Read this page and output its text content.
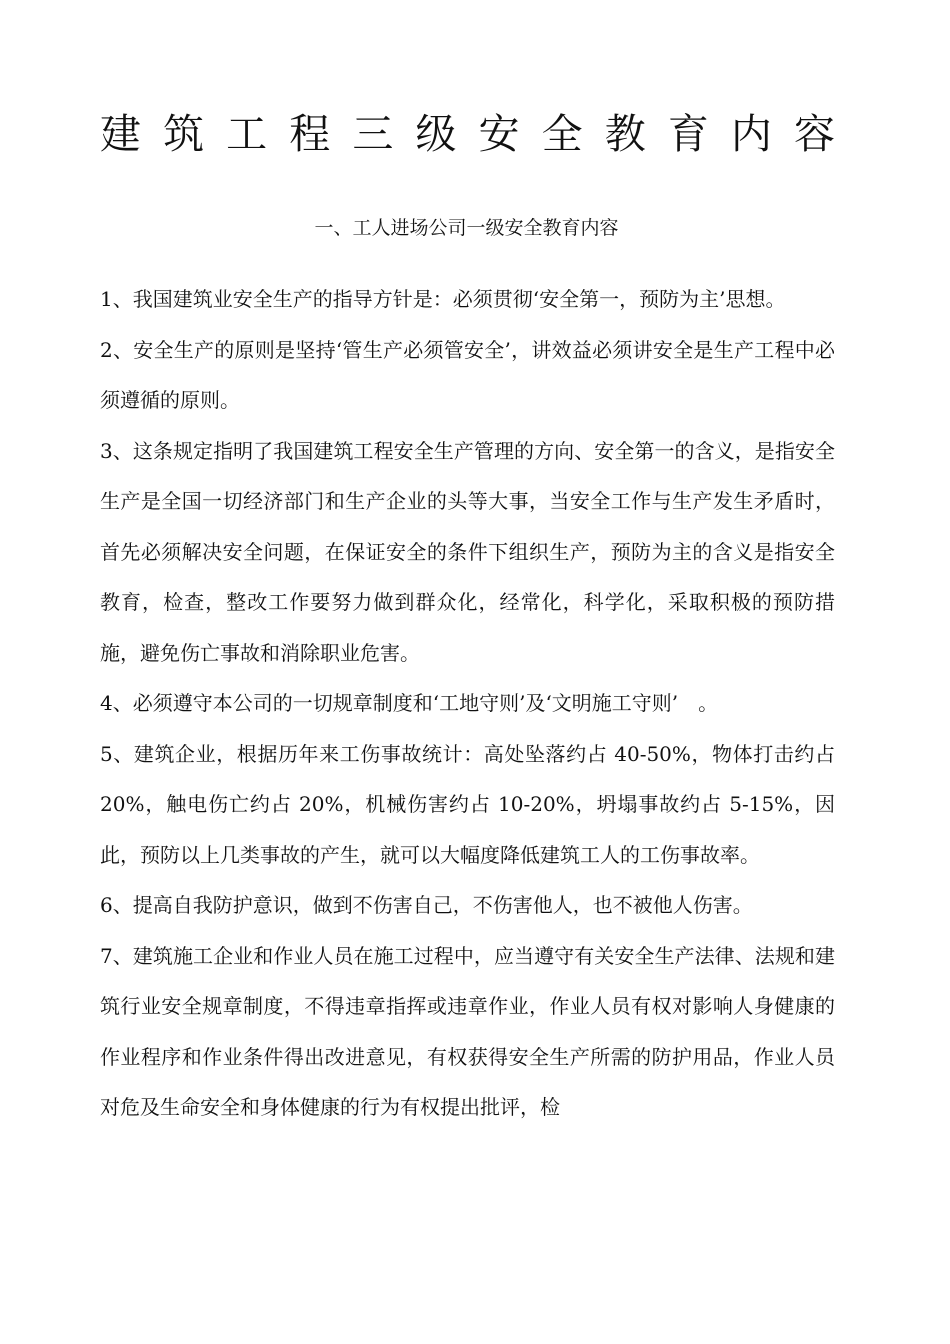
建筑工程三级安全教育内容
一、工人进场公司一级安全教育内容

1、我国建筑业安全生产的指导方针是：必须贯彻‘安全第一，预防为主’思想。

2、安全生产的原则是坚持‘管生产必须管安全’，讲效益必须讲安全是生产工程中必须遵循的原则。

3、这条规定指明了我国建筑工程安全生产管理的方向、安全第一的含义，是指安全生产是全国一切经济部门和生产企业的头等大事，当安全工作与生产发生矛盾时，首先必须解决安全问题，在保证安全的条件下组织生产，预防为主的含义是指安全教育，检查，整改工作要努力做到群众化，经常化，科学化，采取积极的预防措施，避免伤亡事故和消除职业危害。

4、必须遵守本公司的一切规章制度和‘工地守则’及‘文明施工守则’　。

5、建筑企业，根据历年来工伤事故统计：高处坠落约占 40-50%，物体打击约占 20%，触电伤亡约占 20%，机械伤害约占 10-20%，坍塌事故约占 5-15%，因此，预防以上几类事故的产生，就可以大幅度降低建筑工人的工伤事故率。

6、提高自我防护意识，做到不伤害自己，不伤害他人，也不被他人伤害。

7、建筑施工企业和作业人员在施工过程中，应当遵守有关安全生产法律、法规和建筑行业安全规章制度，不得违章指挥或违章作业，作业人员有权对影响人身健康的作业程序和作业条件得出改进意见，有权获得安全生产所需的防护用品，作业人员对危及生命安全和身体健康的行为有权提出批评，检
